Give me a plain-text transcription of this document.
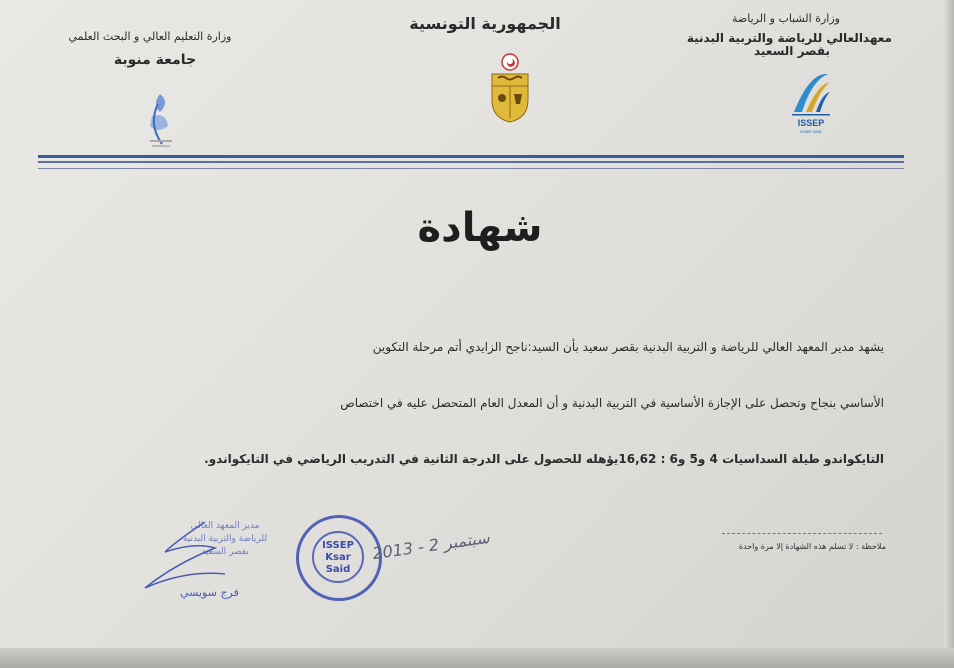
وزارة الشباب و الرياضة
معهدالعالي للرياضة والتربية البدنية
بقصر السعيد
الجمهورية التونسية
وزارة التعليم العالي و البحث العلمي
جامعة منوبة
ISSEP
KSAR SAID
شهادة
يشهد مدير المعهد العالي للرياضة و التربية البدنية بقصر سعيد بأن السيد:ناجح الزايدي أتم مرحلة التكوين
الأساسي بنجاح وتحصل على الإجازة الأساسية في التربية البدنية و أن المعدل العام المتحصل عليه في اختصاص
التايكواندو طيلة السداسيات 4 و5 و6 : 16,62يؤهله للحصول على الدرجة الثانية في التدريب الرياضي في التايكواندو.
ملاحظة : لا تسلم هذه الشهادة إلا مرة واحدة
ISSEP Ksar Said
2013 - سبتمبر 2
مدير المعهد العالي
للرياضة والتربية البدنية
بقصر السعيد
فرج سويسي
